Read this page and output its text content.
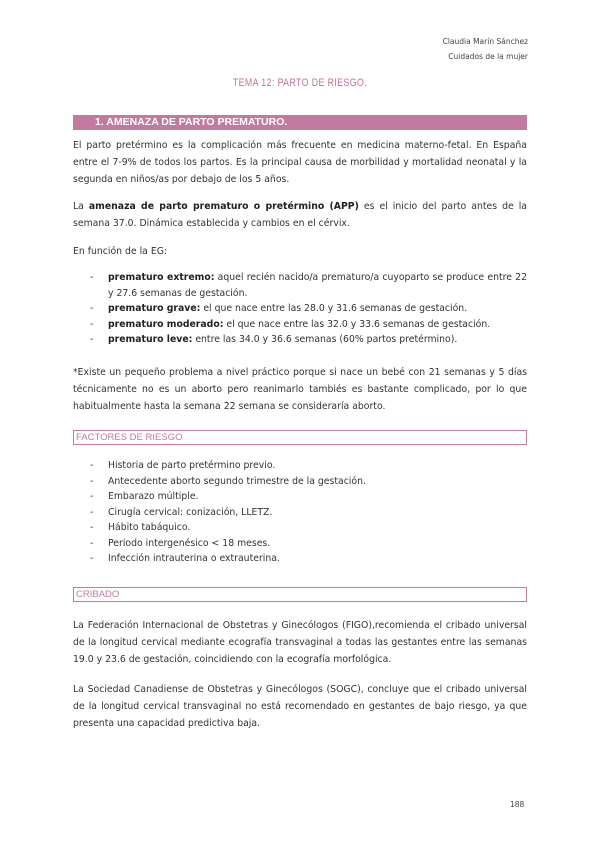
Claudia Marín Sánchez
Cuidados de la mujer
TEMA 12: PARTO DE RIESGO.
1. AMENAZA DE PARTO PREMATURO.
El parto pretérmino es la complicación más frecuente en medicina materno-fetal. En España entre el 7-9% de todos los partos. Es la principal causa de morbilidad y mortalidad neonatal y la segunda en niños/as por debajo de los 5 años.
La amenaza de parto prematuro o pretérmino (APP) es el inicio del parto antes de la semana 37.0. Dinámica establecida y cambios en el cérvix.
En función de la EG:
- prematuro extremo: aquel recién nacido/a prematuro/a cuyoparto se produce entre 22 y 27.6 semanas de gestación.
- prematuro grave: el que nace entre las 28.0 y 31.6 semanas de gestación.
- prematuro moderado: el que nace entre las 32.0 y 33.6 semanas de gestación.
- prematuro leve: entre las 34.0 y 36.6 semanas (60% partos pretérmino).
*Existe un pequeño problema a nivel práctico porque si nace un bebé con 21 semanas y 5 días técnicamente no es un aborto pero reanimarlo tambiés es bastante complicado, por lo que habitualmente hasta la semana 22 semana se consideraría aborto.
FACTORES DE RIESGO
- Historia de parto pretérmino previo.
- Antecedente aborto segundo trimestre de la gestación.
- Embarazo múltiple.
- Cirugía cervical: conización, LLETZ.
- Hábito tabáquico.
- Periodo intergenésico < 18 meses.
- Infección intrauterina o extrauterina.
CRIBADO
La Federación Internacional de Obstetras y Ginecólogos (FIGO),recomienda el cribado universal de la longitud cervical mediante ecografía transvaginal a todas las gestantes entre las semanas 19.0 y 23.6 de gestación, coincidiendo con la ecografía morfológica.
La Sociedad Canadiense de Obstetras y Ginecólogos (SOGC), concluye que el cribado universal de la longitud cervical transvaginal no está recomendado en gestantes de bajo riesgo, ya que presenta una capacidad predictiva baja.
188
